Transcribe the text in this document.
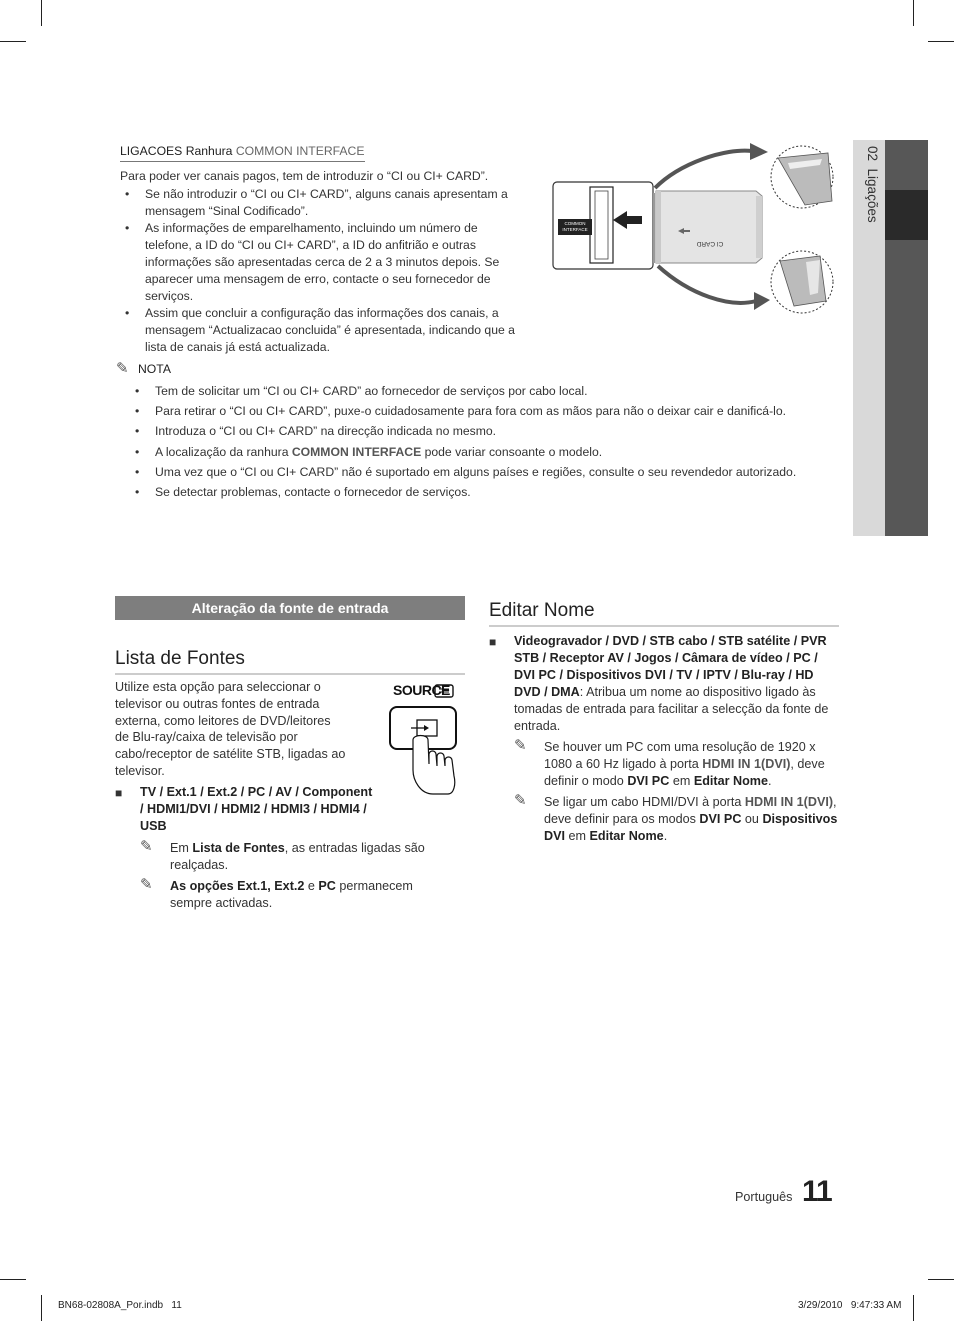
02  Ligações
LIGACOES Ranhura COMMON INTERFACE
Para poder ver canais pagos, tem de introduzir o “CI ou CI+ CARD”.
• Se não introduzir o “CI ou CI+ CARD”, alguns canais apresentam a mensagem “Sinal Codificado”.
• As informações de emparelhamento, incluindo um número de telefone, a ID do “CI ou CI+ CARD”, a ID do anfitrião e outras informações são apresentadas cerca de 2 a 3 minutos depois. Se aparecer uma mensagem de erro, contacte o seu fornecedor de serviços.
• Assim que concluir a configuração das informações dos canais, a mensagem “Actualizacao concluida” é apresentada, indicando que a lista de canais já está actualizada.
COMMON
INTERFACE
CI CARD
✎ NOTA
• Tem de solicitar um “CI ou CI+ CARD” ao fornecedor de serviços por cabo local.
• Para retirar o “CI ou CI+ CARD”, puxe-o cuidadosamente para fora com as mãos para não o deixar cair e danificá-lo.
• Introduza o “CI ou CI+ CARD” na direcção indicada no mesmo.
• A localização da ranhura COMMON INTERFACE pode variar consoante o modelo.
• Uma vez que o “CI ou CI+ CARD” não é suportado em alguns países e regiões, consulte o seu revendedor autorizado.
• Se detectar problemas, contacte o fornecedor de serviços.
Alteração da fonte de entrada
Lista de Fontes
Utilize esta opção para seleccionar o televisor ou outras fontes de entrada externa, como leitores de DVD/leitores de Blu-ray/caixa de televisão por cabo/receptor de satélite STB, ligadas ao televisor.
SOURCE
■	TV / Ext.1 / Ext.2 / PC / AV / Component / HDMI1/DVI / HDMI2 / HDMI3 / HDMI4 / USB
✎	Em Lista de Fontes, as entradas ligadas são realçadas.
✎	As opções Ext.1, Ext.2 e PC permanecem sempre activadas.
Editar Nome
■	Videogravador / DVD / STB cabo / STB satélite / PVR STB / Receptor AV / Jogos / Câmara de vídeo / PC / DVI PC / Dispositivos DVI / TV / IPTV / Blu-ray / HD DVD / DMA: Atribua um nome ao dispositivo ligado às tomadas de entrada para facilitar a selecção da fonte de entrada.
✎	Se houver um PC com uma resolução de 1920 x 1080 a 60 Hz ligado à porta HDMI IN 1(DVI), deve definir o modo DVI PC em Editar Nome.
✎	Se ligar um cabo HDMI/DVI à porta HDMI IN 1(DVI), deve definir para os modos DVI PC ou Dispositivos DVI em Editar Nome.
Português 11
BN68-02808A_Por.indb   11	3/29/2010   9:47:33 AM
